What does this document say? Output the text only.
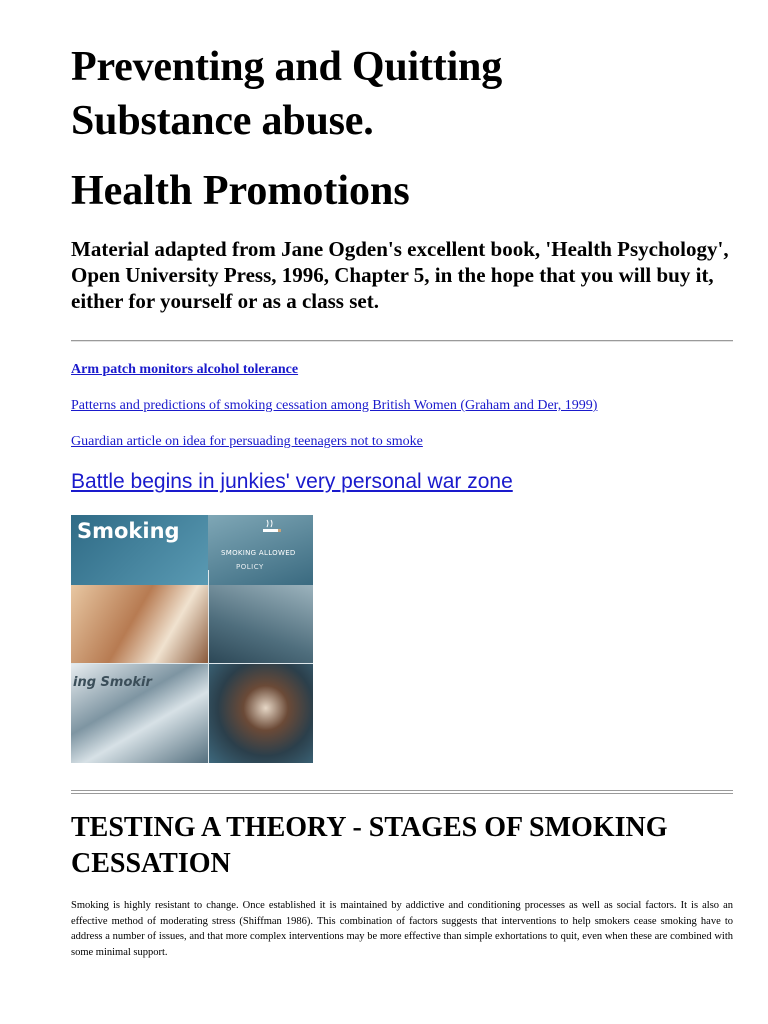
Preventing and Quitting Substance abuse.
Health Promotions

Material adapted from Jane Ogden's excellent book, 'Health Psychology', Open University Press, 1996, Chapter 5, in the hope that you will buy it, either for yourself or as a class set.

Arm patch monitors alcohol tolerance
Patterns and predictions of smoking cessation among British Women (Graham and Der, 1999)
Guardian article on idea for persuading teenagers not to smoke
Battle begins in junkies' very personal war zone
Smoking
SMOKING ALLOWED
POLICY
ing Smokir
TESTING A THEORY - STAGES OF SMOKING CESSATION

Smoking is highly resistant to change. Once established it is maintained by addictive and conditioning processes as well as social factors. It is also an effective method of moderating stress (Shiffman 1986). This combination of factors suggests that interventions to help smokers cease smoking have to address a number of issues, and that more complex interventions may be more effective than simple exhortations to quit, even when these are combined with some minimal support.
